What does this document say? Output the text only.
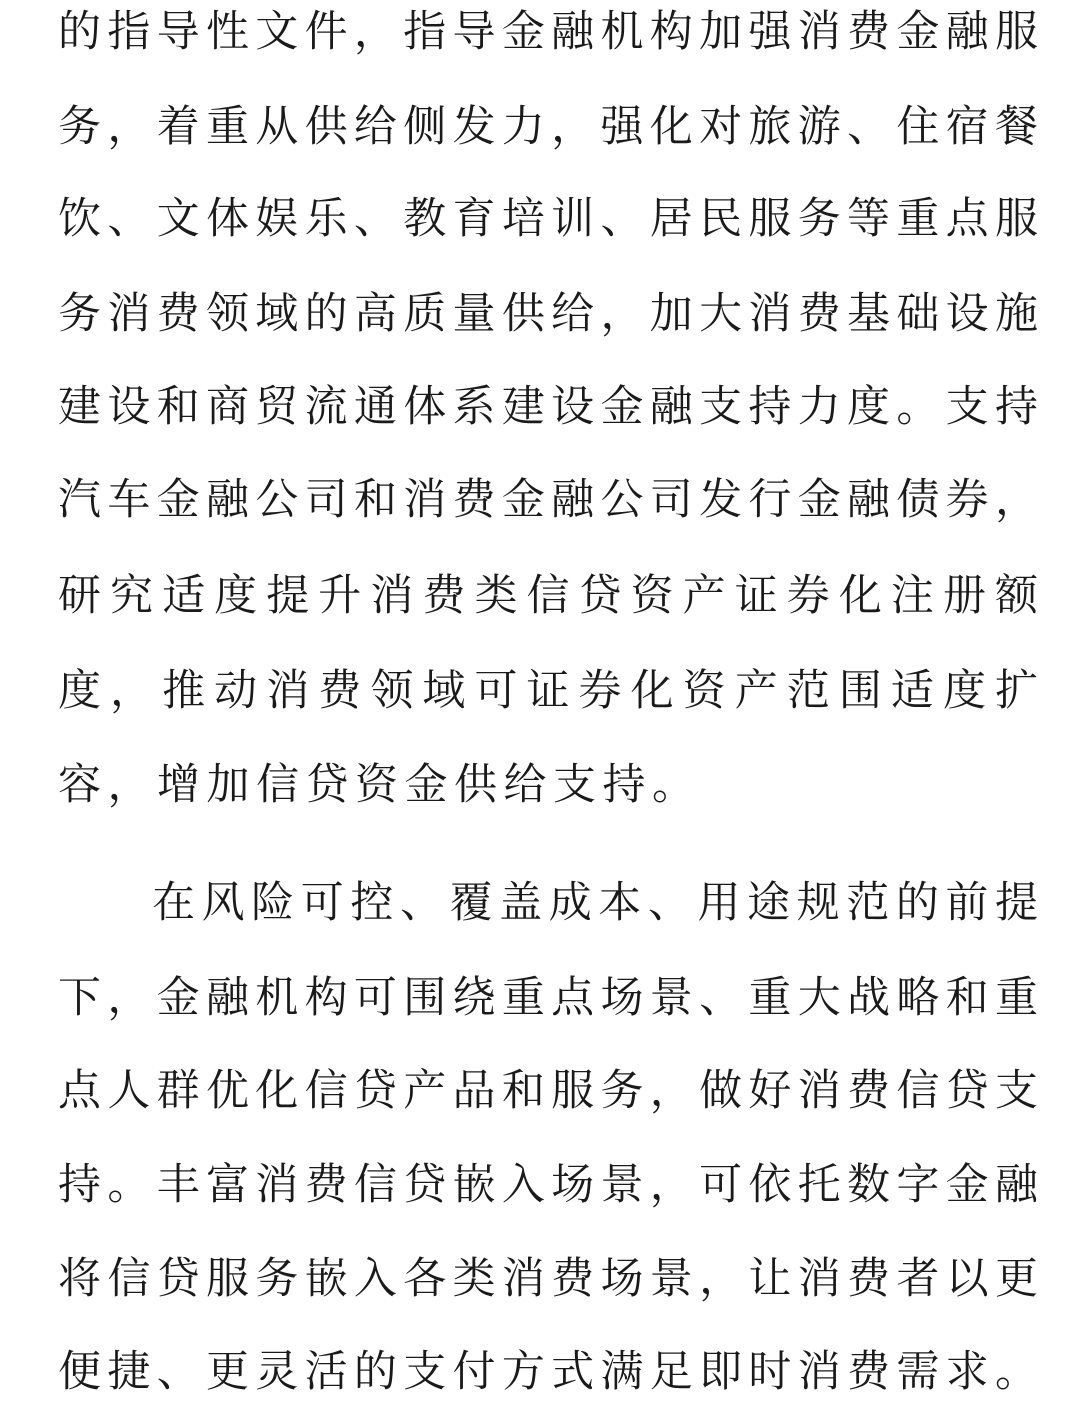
的指导性文件，指导金融机构加强消费金融服
务，着重从供给侧发力，强化对旅游、住宿餐
饮、文体娱乐、教育培训、居民服务等重点服
务消费领域的高质量供给，加大消费基础设施
建设和商贸流通体系建设金融支持力度。支持
汽车金融公司和消费金融公司发行金融债券，
研究适度提升消费类信贷资产证券化注册额
度，推动消费领域可证券化资产范围适度扩
容，增加信贷资金供给支持。
在风险可控、覆盖成本、用途规范的前提
下，金融机构可围绕重点场景、重大战略和重
点人群优化信贷产品和服务，做好消费信贷支
持。丰富消费信贷嵌入场景，可依托数字金融
将信贷服务嵌入各类消费场景，让消费者以更
便捷、更灵活的支付方式满足即时消费需求。
